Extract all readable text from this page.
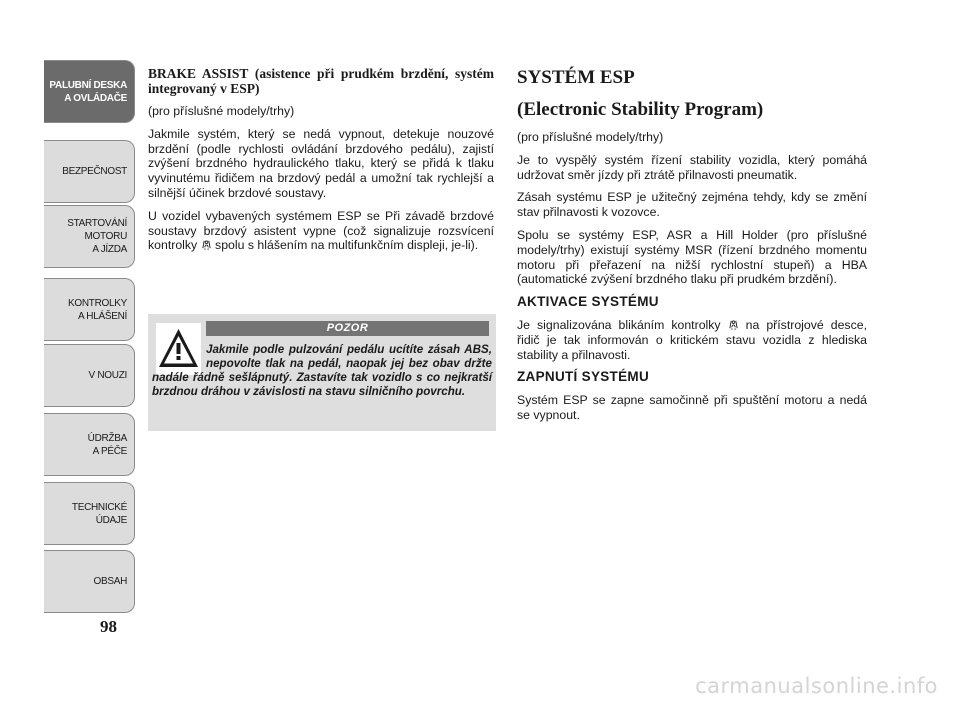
PALUBNÍ DESKA
A OVLÁDAČE
BEZPEČNOST
STARTOVÁNÍ
MOTORU
A JÍZDA
KONTROLKY
A HLÁŠENÍ
V NOUZI
ÚDRŽBA
A PÉČE
TECHNICKÉ
ÚDAJE
OBSAH
98

BRAKE ASSIST (asistence při prudkém brzdění, systém integrovaný v ESP)

(pro příslušné modely/trhy)

Jakmile systém, který se nedá vypnout, detekuje nouzové brzdění (podle rychlosti ovládání brzdového pedálu), zajistí zvýšení brzdného hydraulického tlaku, který se přidá k tlaku vyvinutému řidičem na brzdový pedál a umožní tak rychlejší a silnější účinek brzdové soustavy.

U vozidel vybavených systémem ESP se Při závadě brzdové soustavy brzdový asistent vypne (což signalizuje rozsvícení kontrolky  spolu s hlášením na multifunkčním displeji, je-li).

POZOR
Jakmile podle pulzování pedálu ucítíte zásah ABS, nepovolte tlak na pedál, naopak jej bez obav držte nadále řádně sešlápnutý. Zastavíte tak vozidlo s co nejkratší brzdnou dráhou v závislosti na stavu silničního povrchu.

SYSTÉM ESP

(Electronic Stability Program)

(pro příslušné modely/trhy)

Je to vyspělý systém řízení stability vozidla, který pomáhá udržovat směr jízdy při ztrátě přilnavosti pneumatik.

Zásah systému ESP je užitečný zejména tehdy, kdy se změní stav přilnavosti k vozovce.

Spolu se systémy ESP, ASR a Hill Holder (pro příslušné modely/trhy) existují systémy MSR (řízení brzdného momentu motoru při přeřazení na nižší rychlostní stupeň) a HBA (automatické zvýšení brzdného tlaku při prudkém brzdění).

AKTIVACE SYSTÉMU

Je signalizována blikáním kontrolky  na přístrojové desce, řidič je tak informován o kritickém stavu vozidla z hlediska stability a přilnavosti.

ZAPNUTÍ SYSTÉMU

Systém ESP se zapne samočinně při spuštění motoru a nedá se vypnout.

carmanualsonline.info
